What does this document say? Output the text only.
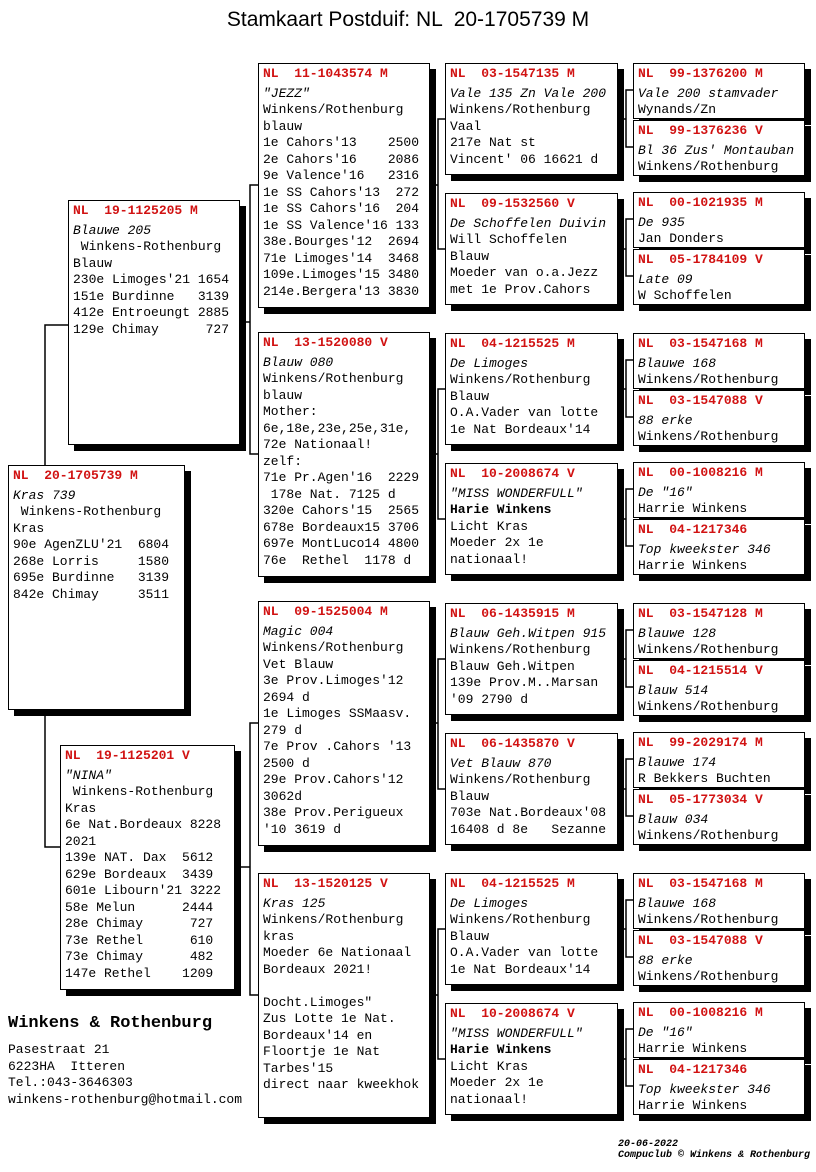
Stamkaart Postduif: NL  20-1705739 M
NL  20-1705739 M
Kras 739
Winkens-Rothenburg
Kras
90e AgenZLU'21  6804
268e Lorris     1580
695e Burdinne   3139
842e Chimay     3511
NL  19-1125205 M
Blauwe 205
Winkens-Rothenburg
Blauw
230e Limoges'21 1654
151e Burdinne   3139
412e Entroeungt 2885
129e Chimay      727
NL  19-1125201 V
"NINA"
Winkens-Rothenburg
Kras
6e Nat.Bordeaux 8228
2021
139e NAT. Dax  5612
629e Bordeaux  3439
601e Libourn'21 3222
58e Melun      2444
28e Chimay      727
73e Rethel      610
73e Chimay      482
147e Rethel    1209
NL  11-1043574 M
"JEZZ"
Winkens/Rothenburg
blauw
1e Cahors'13    2500
2e Cahors'16    2086
9e Valence'16   2316
1e SS Cahors'13  272
1e SS Cahors'16  204
1e SS Valence'16 133
38e.Bourges'12  2694
71e Limoges'14  3468
109e.Limoges'15 3480
214e.Bergera'13 3830
NL  13-1520080 V
Blauw 080
Winkens/Rothenburg
blauw
Mother:
6e,18e,23e,25e,31e,
72e Nationaal!
zelf:
71e Pr.Agen'16  2229
178e Nat. 7125 d
320e Cahors'15  2565
678e Bordeaux15 3706
697e MontLuco14 4800
76e  Rethel  1178 d
NL  09-1525004 M
Magic 004
Winkens/Rothenburg
Vet Blauw
3e Prov.Limoges'12
2694 d
1e Limoges SSMaasv.
279 d
7e Prov .Cahors '13
2500 d
29e Prov.Cahors'12
3062d
38e Prov.Perigueux
'10 3619 d
NL  13-1520125 V
Kras 125
Winkens/Rothenburg
kras
Moeder 6e Nationaal
Bordeaux 2021!

Docht.Limoges"
Zus Lotte 1e Nat.
Bordeaux'14 en
Floortje 1e Nat
Tarbes'15
direct naar kweekhok
NL  03-1547135 M
Vale 135 Zn Vale 200
Winkens/Rothenburg
Vaal
217e Nat st
Vincent' 06 16621 d
NL  09-1532560 V
De Schoffelen Duivin
Will Schoffelen
Blauw
Moeder van o.a.Jezz
met 1e Prov.Cahors
NL  04-1215525 M
De Limoges
Winkens/Rothenburg
Blauw
O.A.Vader van lotte
1e Nat Bordeaux'14
NL  10-2008674 V
"MISS WONDERFULL"
Harie Winkens
Licht Kras
Moeder 2x 1e
nationaal!
NL  06-1435915 M
Blauw Geh.Witpen 915
Winkens/Rothenburg
Blauw Geh.Witpen
139e Prov.M..Marsan
'09 2790 d
NL  06-1435870 V
Vet Blauw 870
Winkens/Rothenburg
Blauw
703e Nat.Bordeaux'08
16408 d 8e   Sezanne
NL  04-1215525 M
De Limoges
Winkens/Rothenburg
Blauw
O.A.Vader van lotte
1e Nat Bordeaux'14
NL  10-2008674 V
"MISS WONDERFULL"
Harie Winkens
Licht Kras
Moeder 2x 1e
nationaal!
NL  99-1376200 M
Vale 200 stamvader
Wynands/Zn
NL  99-1376236 V
Bl 36 Zus' Montauban
Winkens/Rothenburg
NL  00-1021935 M
De 935
Jan Donders
NL  05-1784109 V
Late 09
W Schoffelen
NL  03-1547168 M
Blauwe 168
Winkens/Rothenburg
NL  03-1547088 V
88 erke
Winkens/Rothenburg
NL  00-1008216 M
De "16"
Harrie Winkens
NL  04-1217346
Top kweekster 346
Harrie Winkens
NL  03-1547128 M
Blauwe 128
Winkens/Rothenburg
NL  04-1215514 V
Blauw 514
Winkens/Rothenburg
NL  99-2029174 M
Blauwe 174
R Bekkers Buchten
NL  05-1773034 V
Blauw 034
Winkens/Rothenburg
NL  03-1547168 M
Blauwe 168
Winkens/Rothenburg
NL  03-1547088 V
88 erke
Winkens/Rothenburg
NL  00-1008216 M
De "16"
Harrie Winkens
NL  04-1217346
Top kweekster 346
Harrie Winkens
Winkens & Rothenburg
Pasestraat 21
6223HA  Itteren
Tel.:043-3646303
winkens-rothenburg@hotmail.com

20-06-2022
Compuclub © Winkens & Rothenburg
